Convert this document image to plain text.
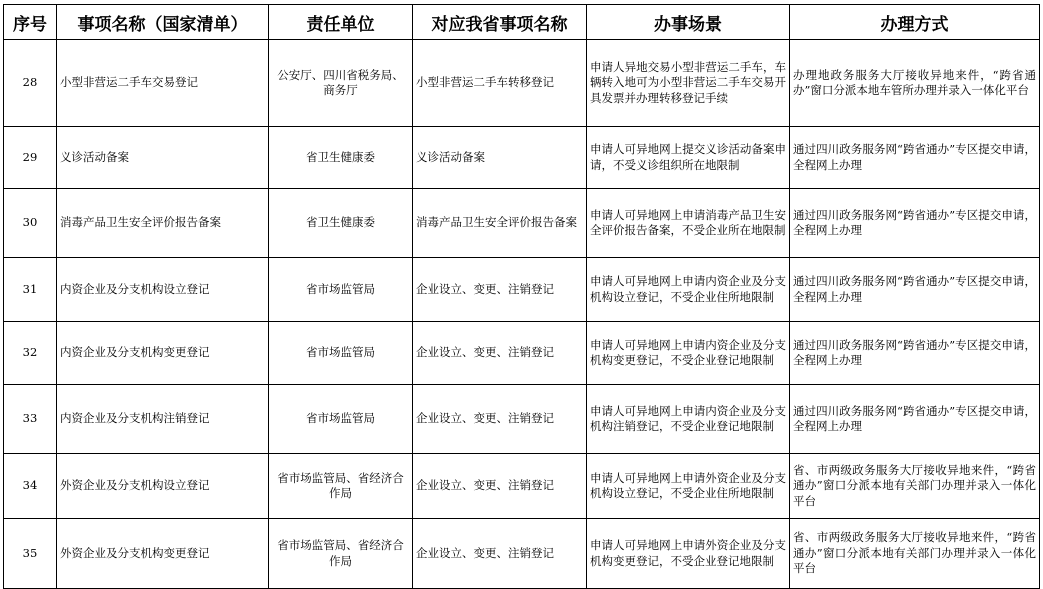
序号	事项名称（国家清单）	责任单位	对应我省事项名称	办事场景	办理方式
28	小型非营运二手车交易登记	公安厅、四川省税务局、商务厅	小型非营运二手车转移登记	申请人异地交易小型非营运二手车，车辆转入地可为小型非营运二手车交易开具发票并办理转移登记手续	办理地政务服务大厅接收异地来件，“跨省通办”窗口分派本地车管所办理并录入一体化平台
29	义诊活动备案	省卫生健康委	义诊活动备案	申请人可异地网上提交义诊活动备案申请，不受义诊组织所在地限制	通过四川政务服务网“跨省通办”专区提交申请，全程网上办理
30	消毒产品卫生安全评价报告备案	省卫生健康委	消毒产品卫生安全评价报告备案	申请人可异地网上申请消毒产品卫生安全评价报告备案，不受企业所在地限制	通过四川政务服务网“跨省通办”专区提交申请，全程网上办理
31	内资企业及分支机构设立登记	省市场监管局	企业设立、变更、注销登记	申请人可异地网上申请内资企业及分支机构设立登记，不受企业住所地限制	通过四川政务服务网“跨省通办”专区提交申请，全程网上办理
32	内资企业及分支机构变更登记	省市场监管局	企业设立、变更、注销登记	申请人可异地网上申请内资企业及分支机构变更登记，不受企业登记地限制	通过四川政务服务网“跨省通办”专区提交申请，全程网上办理
33	内资企业及分支机构注销登记	省市场监管局	企业设立、变更、注销登记	申请人可异地网上申请内资企业及分支机构注销登记，不受企业登记地限制	通过四川政务服务网“跨省通办”专区提交申请，全程网上办理
34	外资企业及分支机构设立登记	省市场监管局、省经济合作局	企业设立、变更、注销登记	申请人可异地网上申请外资企业及分支机构设立登记，不受企业住所地限制	省、市两级政务服务大厅接收异地来件，“跨省通办”窗口分派本地有关部门办理并录入一体化平台
35	外资企业及分支机构变更登记	省市场监管局、省经济合作局	企业设立、变更、注销登记	申请人可异地网上申请外资企业及分支机构变更登记，不受企业登记地限制	省、市两级政务服务大厅接收异地来件，“跨省通办”窗口分派本地有关部门办理并录入一体化平台
